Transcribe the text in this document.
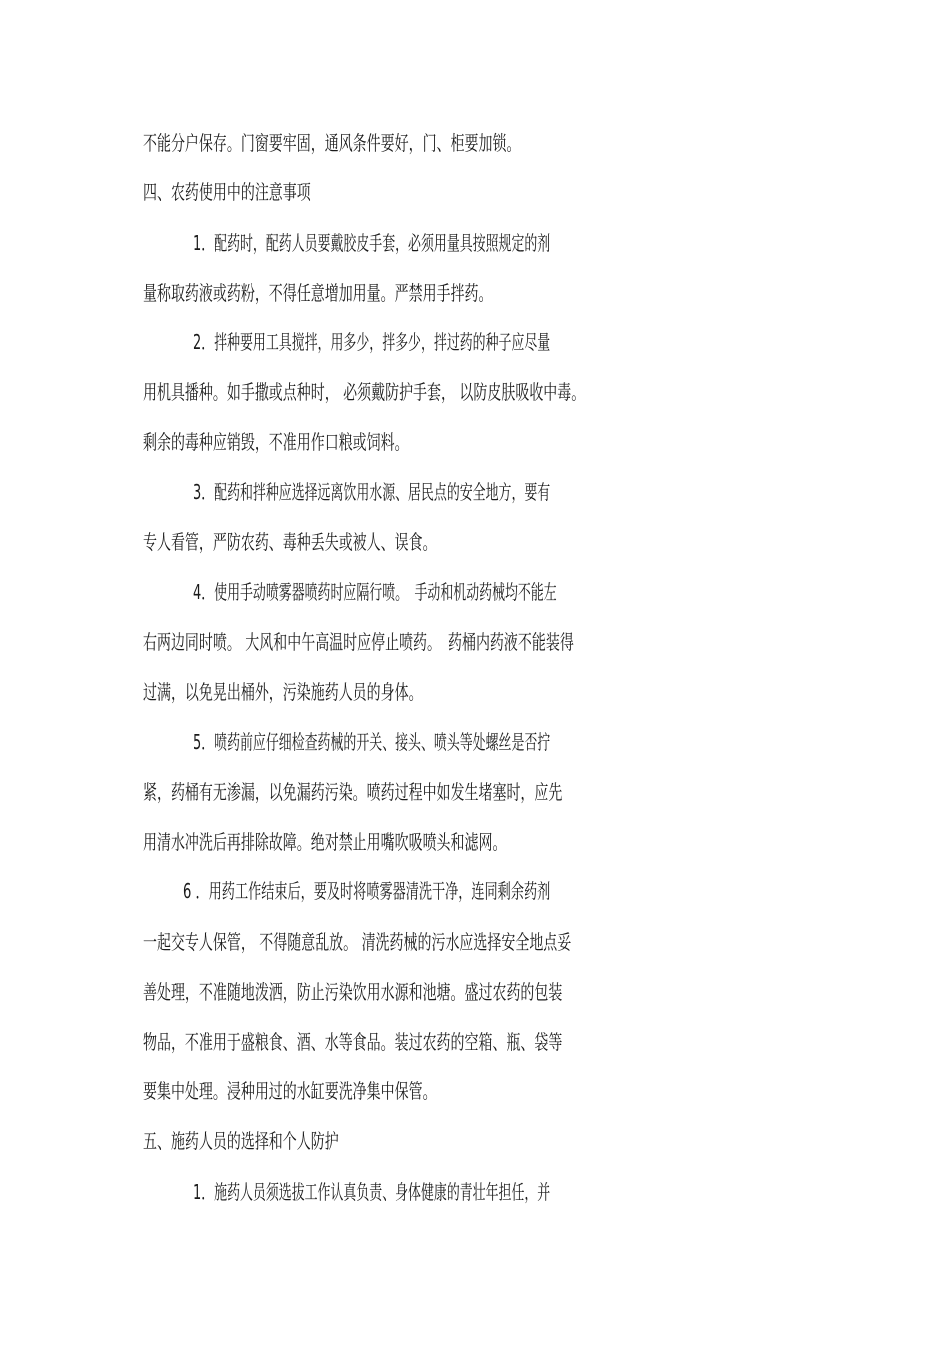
不能分户保存。门窗要牢固，通风条件要好，门、柜要加锁。
四、农药使用中的注意事项
1．配药时，配药人员要戴胶皮手套，必须用量具按照规定的剂
量称取药液或药粉，不得任意增加用量。严禁用手拌药。
2．拌种要用工具搅拌，用多少，拌多少，拌过药的种子应尽量
用机具播种。如手撒或点种时， 必须戴防护手套， 以防皮肤吸收中毒。
剩余的毒种应销毁，不准用作口粮或饲料。
3．配药和拌种应选择远离饮用水源、居民点的安全地方，要有
专人看管，严防农药、毒种丢失或被人、误食。
4．使用手动喷雾器喷药时应隔行喷。　手动和机动药械均不能左
右两边同时喷。 大风和中午高温时应停止喷药。　药桶内药液不能装得
过满，以免晃出桶外，污染施药人员的身体。
5．喷药前应仔细检查药械的开关、接头、喷头等处螺丝是否拧
紧，药桶有无渗漏，以免漏药污染。喷药过程中如发生堵塞时，应先
用清水冲洗后再排除故障。绝对禁止用嘴吹吸喷头和滤网。
6 ．用药工作结束后，要及时将喷雾器清洗干净，连同剩余药剂
一起交专人保管， 不得随意乱放。 清洗药械的污水应选择安全地点妥
善处理，不准随地泼洒，防止污染饮用水源和池塘。盛过农药的包装
物品，不准用于盛粮食、酒、水等食品。装过农药的空箱、瓶、袋等
要集中处理。浸种用过的水缸要洗净集中保管。
五、施药人员的选择和个人防护
1．施药人员须选拔工作认真负责、身体健康的青壮年担任，并
